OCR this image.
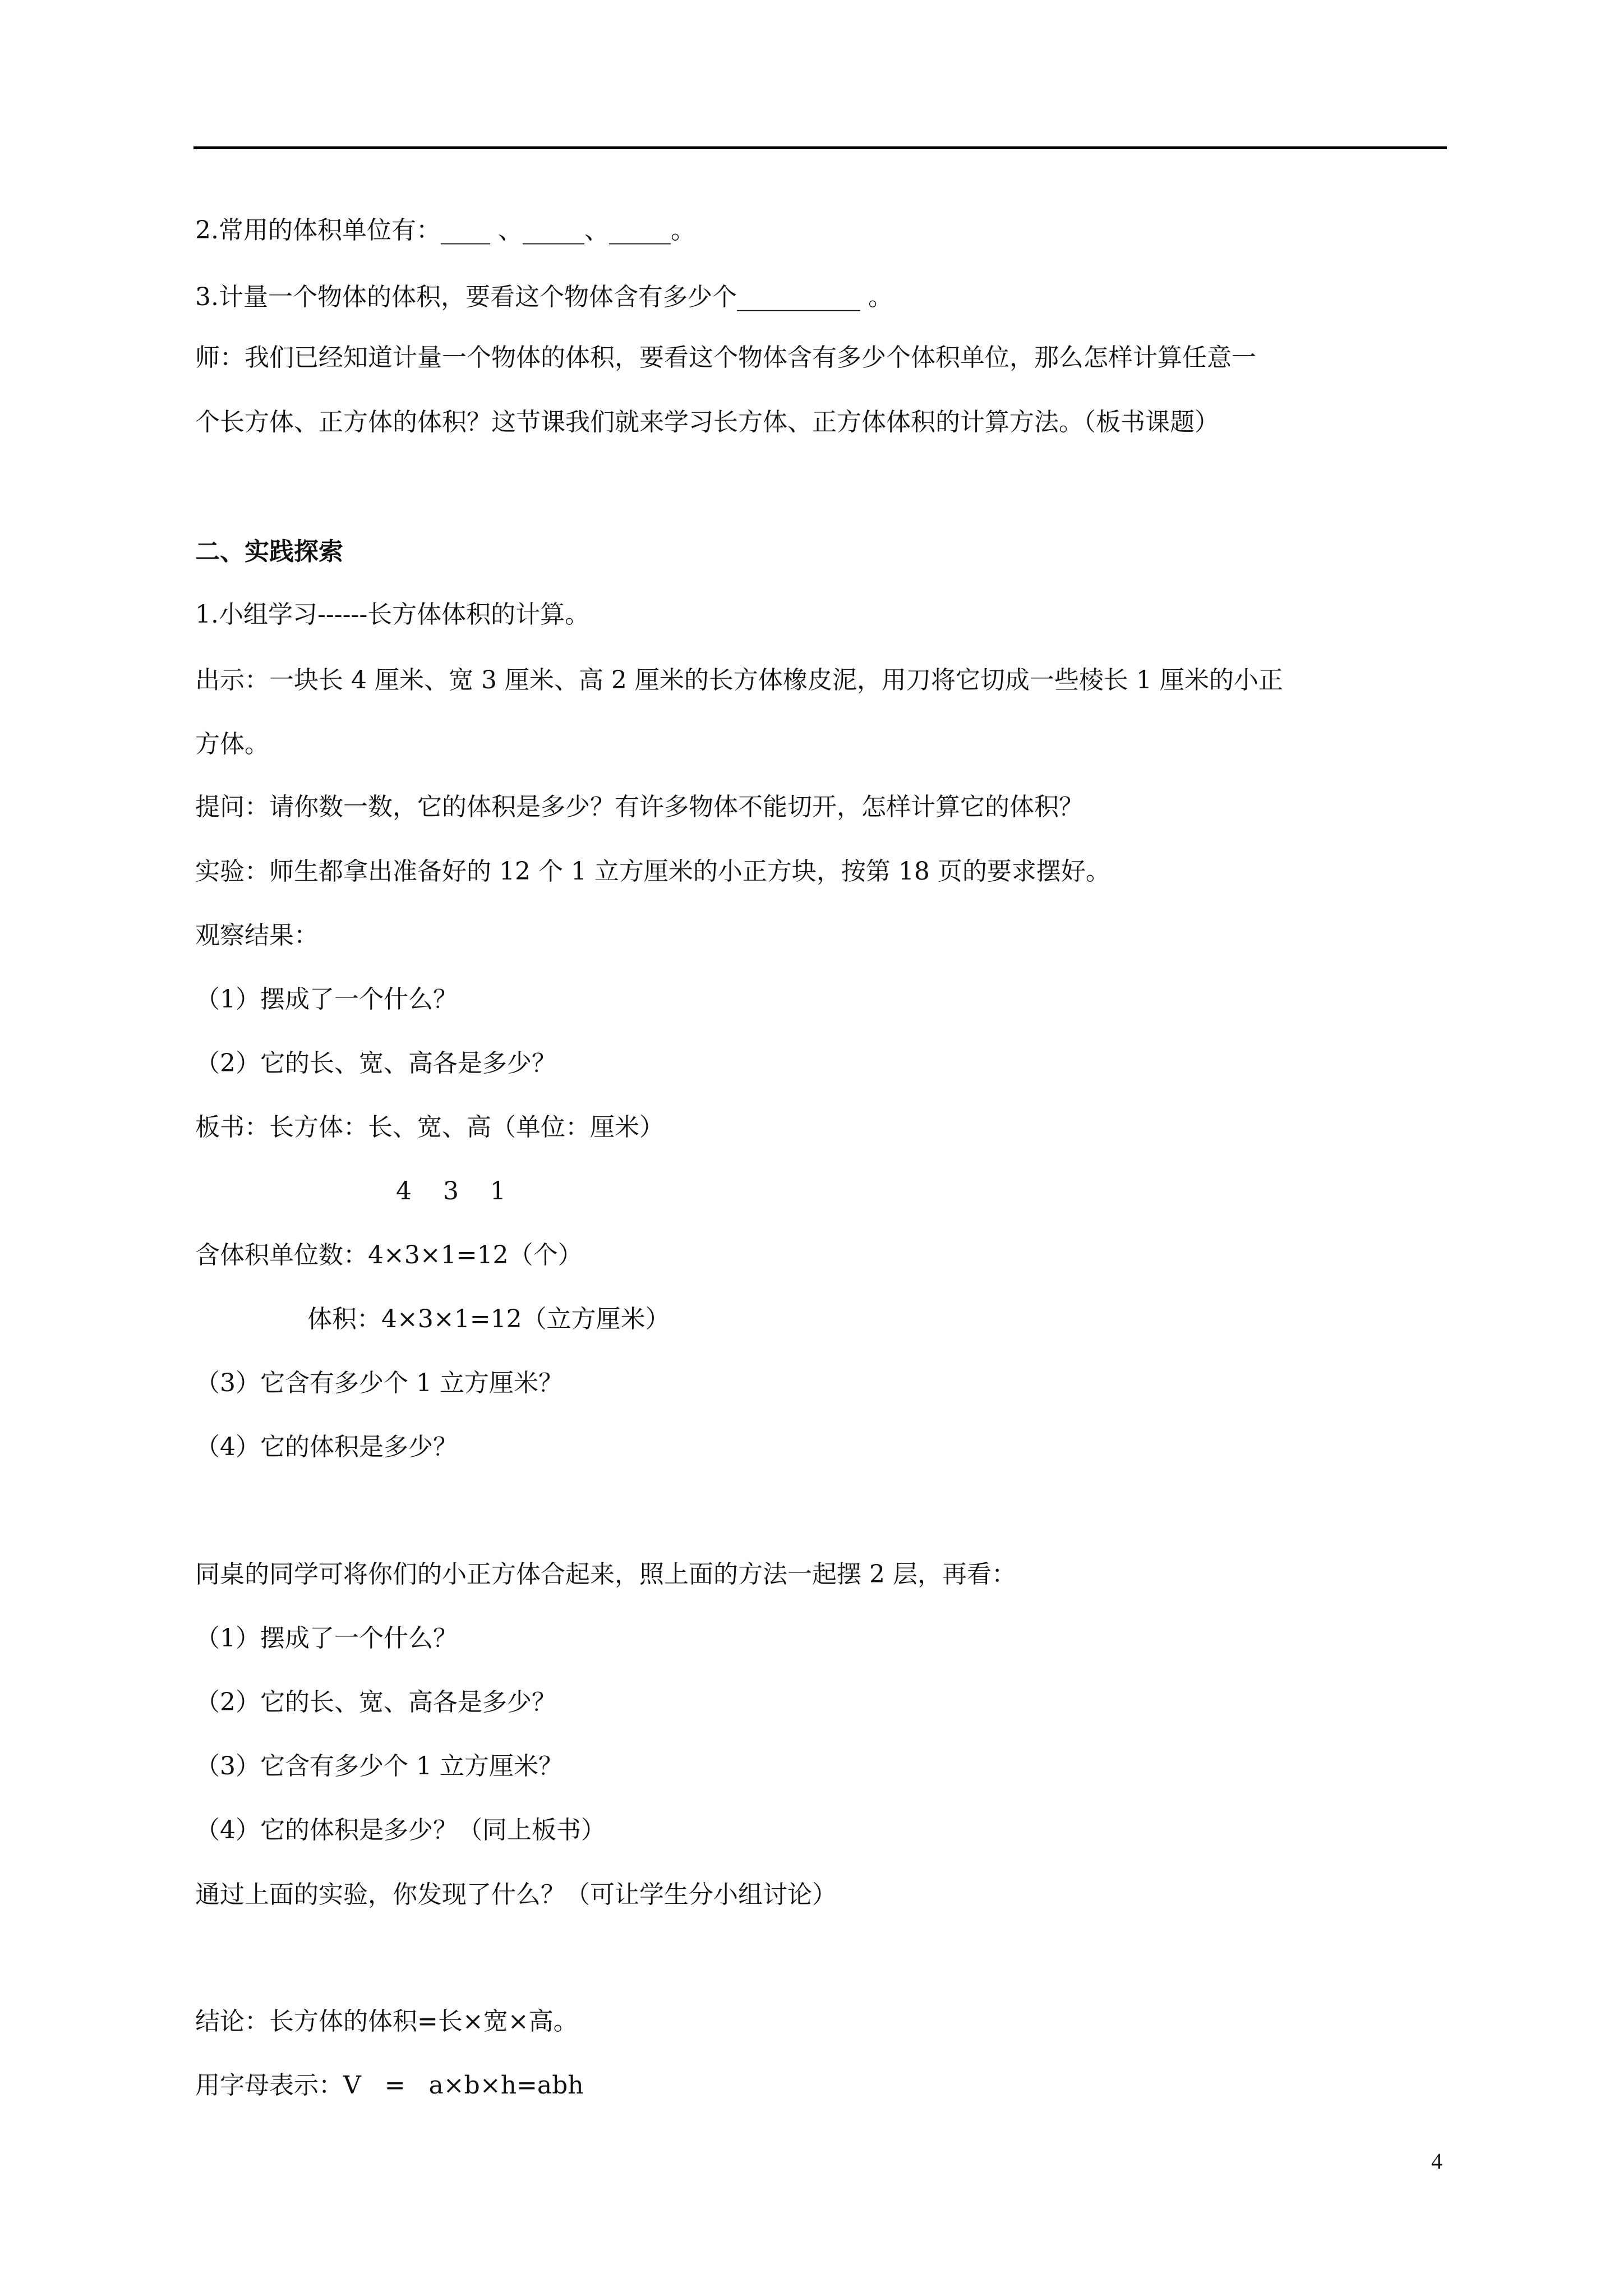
2.常用的体积单位有：____ 、_____、_____。
3.计量一个物体的体积，要看这个物体含有多少个__________ 。
师：我们已经知道计量一个物体的体积，要看这个物体含有多少个体积单位，那么怎样计算任意一
个长方体、正方体的体积？这节课我们就来学习长方体、正方体体积的计算方法。（板书课题）
二、实践探索
1.小组学习------长方体体积的计算。
出示：一块长 4 厘米、宽 3 厘米、高 2 厘米的长方体橡皮泥，用刀将它切成一些棱长 1 厘米的小正
方体。
提问：请你数一数，它的体积是多少？有许多物体不能切开，怎样计算它的体积？
实验：师生都拿出准备好的 12 个 1 立方厘米的小正方块，按第 18 页的要求摆好。
观察结果：
（1）摆成了一个什么？
（2）它的长、宽、高各是多少？
板书：长方体：长、宽、高（单位：厘米）
4    3    1
含体积单位数：4×3×1=12（个）
体积：4×3×1=12（立方厘米）
（3）它含有多少个 1 立方厘米？
（4）它的体积是多少？
同桌的同学可将你们的小正方体合起来，照上面的方法一起摆 2 层，再看：
（1）摆成了一个什么？
（2）它的长、宽、高各是多少？
（3）它含有多少个 1 立方厘米？
（4）它的体积是多少？（同上板书）
通过上面的实验，你发现了什么？（可让学生分小组讨论）
结论：长方体的体积=长×宽×高。
用字母表示：V   =   a×b×h=abh
4
